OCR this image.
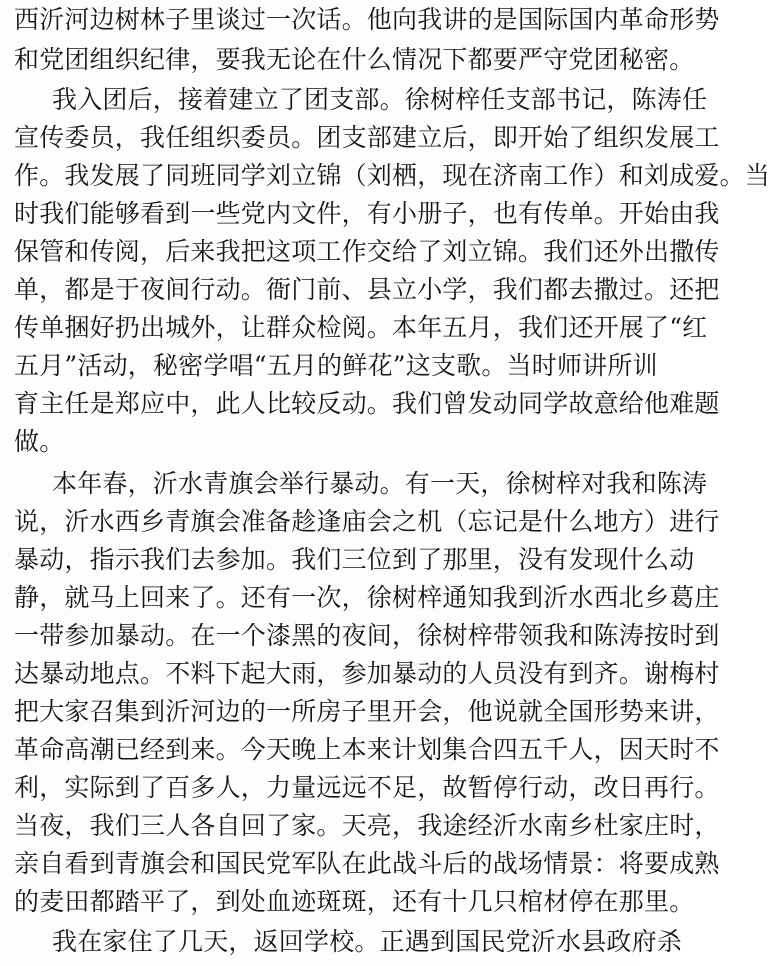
西沂河边树林子里谈过一次话。他向我讲的是国际国内革命形势
和党团组织纪律，要我无论在什么情况下都要严守党团秘密。
我入团后，接着建立了团支部。徐树梓任支部书记，陈涛任
宣传委员，我任组织委员。团支部建立后，即开始了组织发展工
作。我发展了同班同学刘立锦（刘栖，现在济南工作）和刘成爱。当
时我们能够看到一些党内文件，有小册子，也有传单。开始由我
保管和传阅，后来我把这项工作交给了刘立锦。我们还外出撒传
单，都是于夜间行动。衙门前、县立小学，我们都去撒过。还把
传单捆好扔出城外，让群众检阅。本年五月，我们还开展了“红
五月”活动，秘密学唱“五月的鲜花”这支歌。当时师讲所训
育主任是郑应中，此人比较反动。我们曾发动同学故意给他难题
做。
本年春，沂水青旗会举行暴动。有一天，徐树梓对我和陈涛
说，沂水西乡青旗会准备趁逢庙会之机（忘记是什么地方）进行
暴动，指示我们去参加。我们三位到了那里，没有发现什么动
静，就马上回来了。还有一次，徐树梓通知我到沂水西北乡葛庄
一带参加暴动。在一个漆黑的夜间，徐树梓带领我和陈涛按时到
达暴动地点。不料下起大雨，参加暴动的人员没有到齐。谢梅村
把大家召集到沂河边的一所房子里开会，他说就全国形势来讲，
革命高潮已经到来。今天晚上本来计划集合四五千人，因天时不
利，实际到了百多人，力量远远不足，故暂停行动，改日再行。
当夜，我们三人各自回了家。天亮，我途经沂水南乡杜家庄时，
亲自看到青旗会和国民党军队在此战斗后的战场情景：将要成熟
的麦田都踏平了，到处血迹斑斑，还有十几只棺材停在那里。
我在家住了几天，返回学校。正遇到国民党沂水县政府杀
